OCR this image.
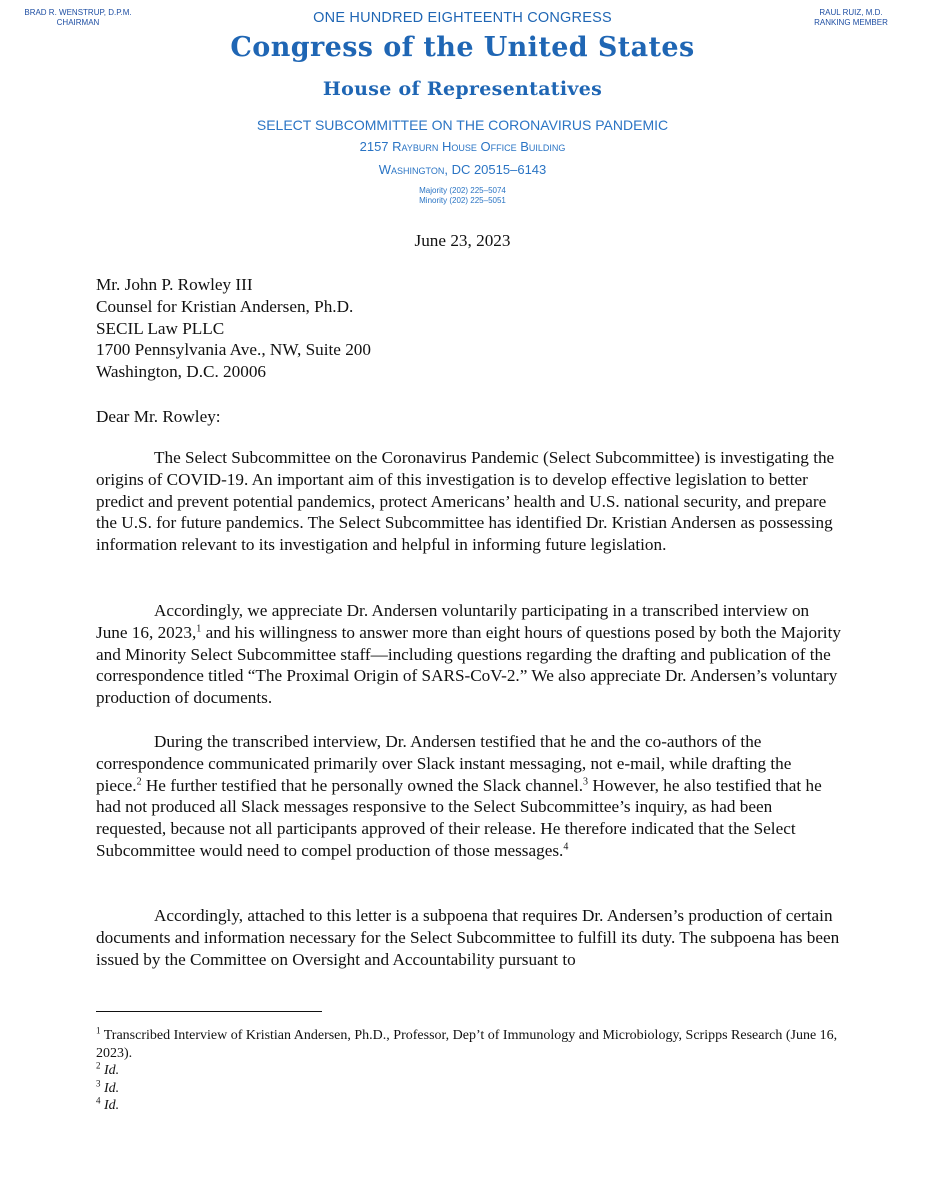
BRAD R. WENSTRUP, D.P.M.
CHAIRMAN
RAUL RUIZ, M.D.
RANKING MEMBER
ONE HUNDRED EIGHTEENTH CONGRESS
Congress of the United States
House of Representatives
SELECT SUBCOMMITTEE ON THE CORONAVIRUS PANDEMIC
2157 Rayburn House Office Building
Washington, DC 20515–6143
Majority (202) 225–5074
Minority (202) 225–5051
June 23, 2023
Mr. John P. Rowley III
Counsel for Kristian Andersen, Ph.D.
SECIL Law PLLC
1700 Pennsylvania Ave., NW, Suite 200
Washington, D.C. 20006
Dear Mr. Rowley:

The Select Subcommittee on the Coronavirus Pandemic (Select Subcommittee) is investigating the origins of COVID-19. An important aim of this investigation is to develop effective legislation to better predict and prevent potential pandemics, protect Americans’ health and U.S. national security, and prepare the U.S. for future pandemics. The Select Subcommittee has identified Dr. Kristian Andersen as possessing information relevant to its investigation and helpful in informing future legislation.

Accordingly, we appreciate Dr. Andersen voluntarily participating in a transcribed interview on June 16, 2023,$^1$ and his willingness to answer more than eight hours of questions posed by both the Majority and Minority Select Subcommittee staff—including questions regarding the drafting and publication of the correspondence titled “The Proximal Origin of SARS-CoV-2.” We also appreciate Dr. Andersen’s voluntary production of documents.

During the transcribed interview, Dr. Andersen testified that he and the co-authors of the correspondence communicated primarily over Slack instant messaging, not e-mail, while drafting the piece.$^2$ He further testified that he personally owned the Slack channel.$^3$ However, he also testified that he had not produced all Slack messages responsive to the Select Subcommittee’s inquiry, as had been requested, because not all participants approved of their release. He therefore indicated that the Select Subcommittee would need to compel production of those messages.$^4$

Accordingly, attached to this letter is a subpoena that requires Dr. Andersen’s production of certain documents and information necessary for the Select Subcommittee to fulfill its duty. The subpoena has been issued by the Committee on Oversight and Accountability pursuant to

$^1$ Transcribed Interview of Kristian Andersen, Ph.D., Professor, Dep’t of Immunology and Microbiology, Scripps Research (June 16, 2023).
$^2$ Id.
$^3$ Id.
$^4$ Id.
